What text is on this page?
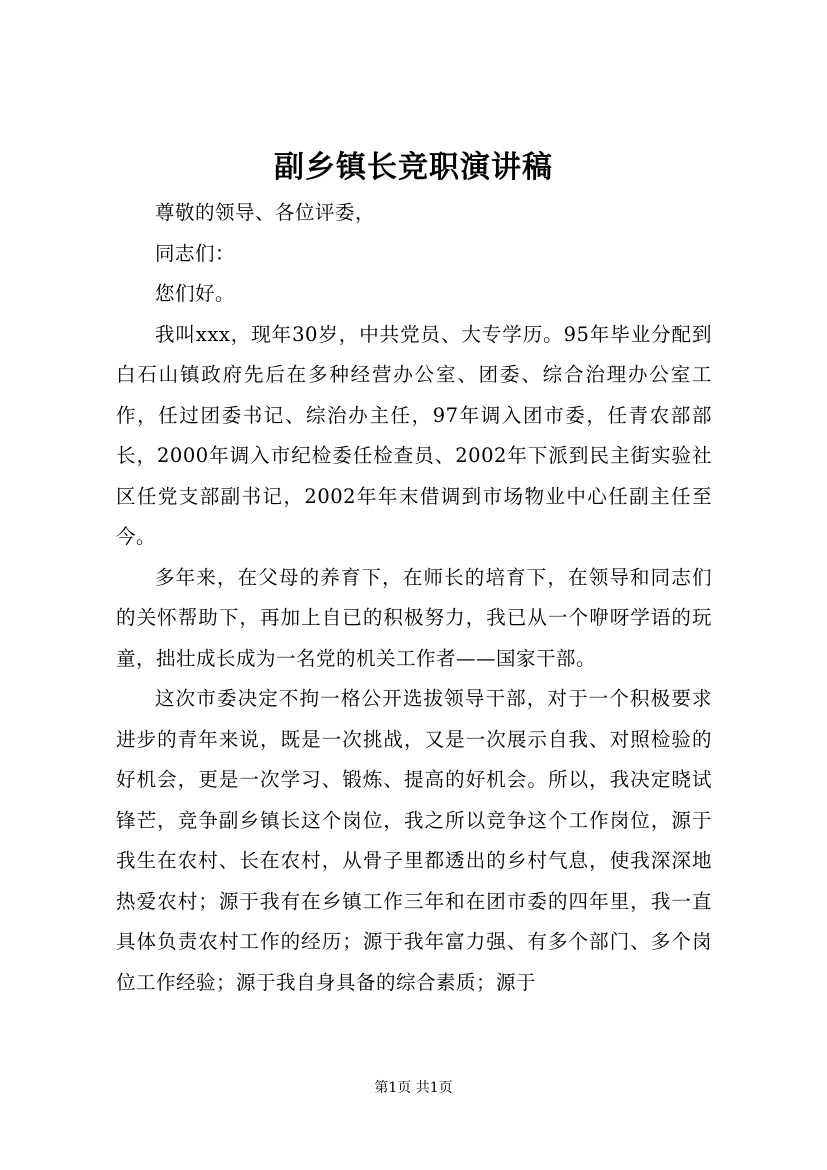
副乡镇长竞职演讲稿

尊敬的领导、各位评委，

同志们：

您们好。

我叫xxx，现年30岁，中共党员、大专学历。95年毕业分配到白石山镇政府先后在多种经营办公室、团委、综合治理办公室工作，任过团委书记、综治办主任，97年调入团市委，任青农部部长，2000年调入市纪检委任检查员、2002年下派到民主街实验社区任党支部副书记，2002年年末借调到市场物业中心任副主任至今。

多年来，在父母的养育下，在师长的培育下，在领导和同志们的关怀帮助下，再加上自已的积极努力，我已从一个咿呀学语的玩童，拙壮成长成为一名党的机关工作者——国家干部。

这次市委决定不拘一格公开选拔领导干部，对于一个积极要求进步的青年来说，既是一次挑战，又是一次展示自我、对照检验的好机会，更是一次学习、锻炼、提高的好机会。所以，我决定晓试锋芒，竞争副乡镇长这个岗位，我之所以竞争这个工作岗位，源于我生在农村、长在农村，从骨子里都透出的乡村气息，使我深深地热爱农村；源于我有在乡镇工作三年和在团市委的四年里，我一直具体负责农村工作的经历；源于我年富力强、有多个部门、多个岗位工作经验；源于我自身具备的综合素质；源于

第1页 共1页
